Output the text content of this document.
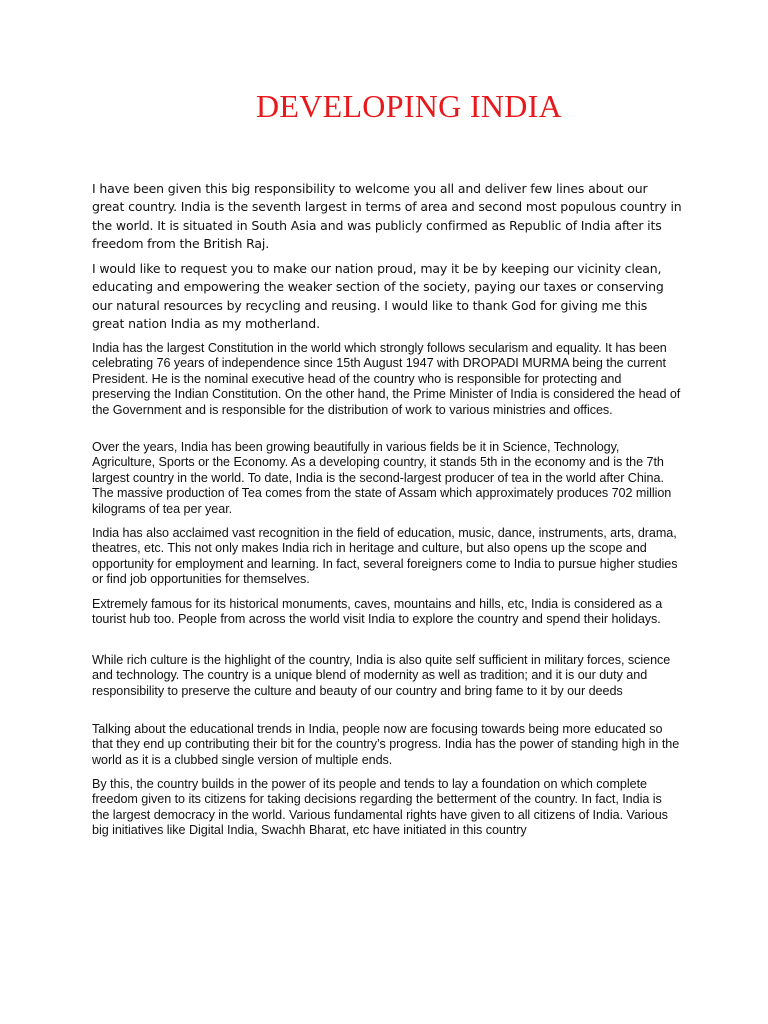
DEVELOPING INDIA

I have been given this big responsibility to welcome you all and deliver few lines about our great country. India is the seventh largest in terms of area and second most populous country in the world. It is situated in South Asia and was publicly confirmed as Republic of India after its freedom from the British Raj.

I would like to request you to make our nation proud, may it be by keeping our vicinity clean, educating and empowering the weaker section of the society, paying our taxes or conserving our natural resources by recycling and reusing. I would like to thank God for giving me this great nation India as my motherland.

India has the largest Constitution in the world which strongly follows secularism and equality. It has been celebrating 76 years of independence since 15th August 1947 with DROPADI MURMA being the current President. He is the nominal executive head of the country who is responsible for protecting and preserving the Indian Constitution. On the other hand, the Prime Minister of India is considered the head of the Government and is responsible for the distribution of work to various ministries and offices.

Over the years, India has been growing beautifully in various fields be it in Science, Technology, Agriculture, Sports or the Economy. As a developing country, it stands 5th in the economy and is the 7th largest country in the world. To date, India is the second-largest producer of tea in the world after China. The massive production of Tea comes from the state of Assam which approximately produces 702 million kilograms of tea per year.

India has also acclaimed vast recognition in the field of education, music, dance, instruments, arts, drama, theatres, etc. This not only makes India rich in heritage and culture, but also opens up the scope and opportunity for employment and learning. In fact, several foreigners come to India to pursue higher studies or find job opportunities for themselves.

Extremely famous for its historical monuments, caves, mountains and hills, etc, India is considered as a tourist hub too. People from across the world visit India to explore the country and spend their holidays.

While rich culture is the highlight of the country, India is also quite self sufficient in military forces, science and technology. The country is a unique blend of modernity as well as tradition; and it is our duty and responsibility to preserve the culture and beauty of our country and bring fame to it by our deeds

Talking about the educational trends in India, people now are focusing towards being more educated so that they end up contributing their bit for the country’s progress. India has the power of standing high in the world as it is a clubbed single version of multiple ends.

By this, the country builds in the power of its people and tends to lay a foundation on which complete freedom given to its citizens for taking decisions regarding the betterment of the country. In fact, India is the largest democracy in the world. Various fundamental rights have given to all citizens of India. Various big initiatives like Digital India, Swachh Bharat, etc have initiated in this country
